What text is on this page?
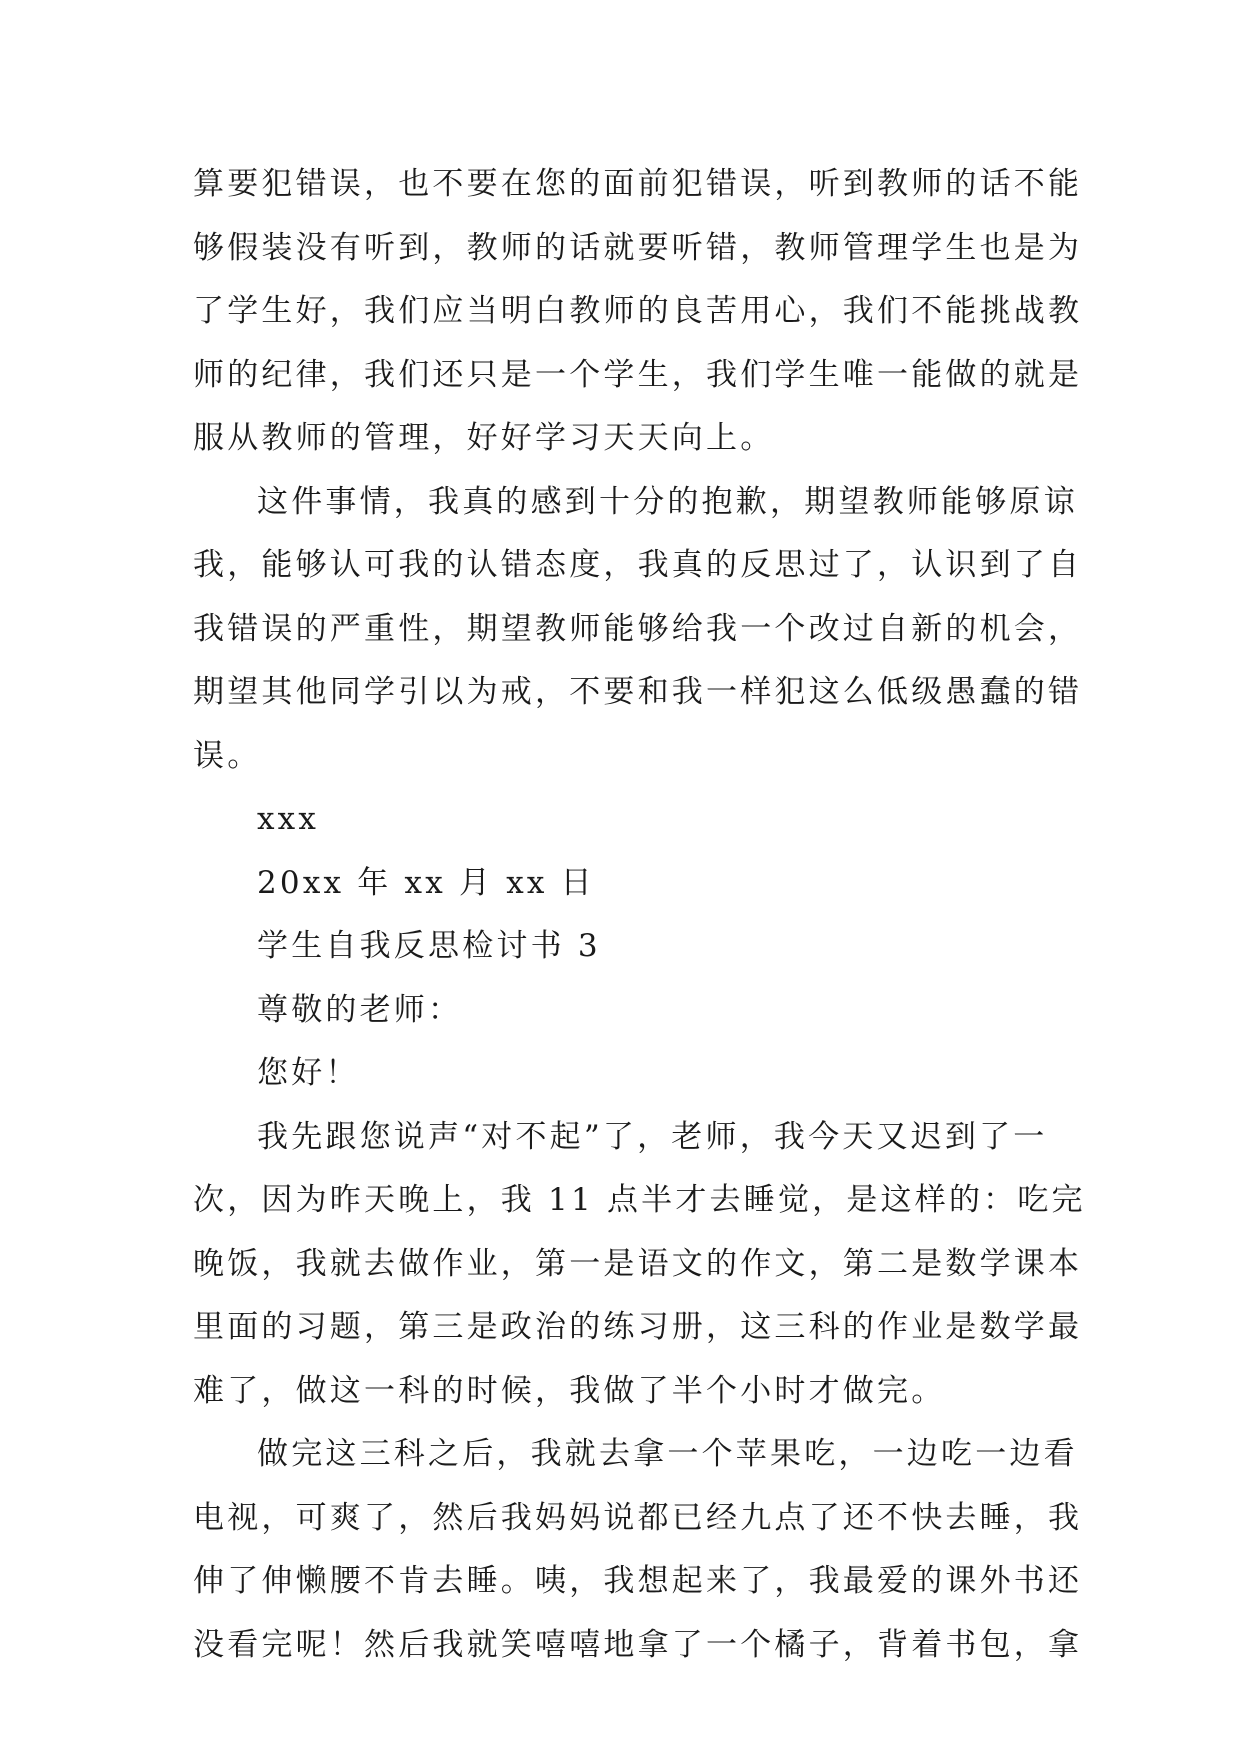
算要犯错误，也不要在您的面前犯错误，听到教师的话不能
够假装没有听到，教师的话就要听错，教师管理学生也是为
了学生好，我们应当明白教师的良苦用心，我们不能挑战教
师的纪律，我们还只是一个学生，我们学生唯一能做的就是
服从教师的管理，好好学习天天向上。
这件事情，我真的感到十分的抱歉，期望教师能够原谅
我，能够认可我的认错态度，我真的反思过了，认识到了自
我错误的严重性，期望教师能够给我一个改过自新的机会，
期望其他同学引以为戒，不要和我一样犯这么低级愚蠢的错
误。
xxx
20xx 年 xx 月 xx 日
学生自我反思检讨书 3
尊敬的老师：
您好！
我先跟您说声“对不起”了，老师，我今天又迟到了一
次，因为昨天晚上，我 11 点半才去睡觉，是这样的：吃完
晚饭，我就去做作业，第一是语文的作文，第二是数学课本
里面的习题，第三是政治的练习册，这三科的作业是数学最
难了，做这一科的时候，我做了半个小时才做完。
做完这三科之后，我就去拿一个苹果吃，一边吃一边看
电视，可爽了，然后我妈妈说都已经九点了还不快去睡，我
伸了伸懒腰不肯去睡。咦，我想起来了，我最爱的课外书还
没看完呢！然后我就笑嘻嘻地拿了一个橘子，背着书包，拿
